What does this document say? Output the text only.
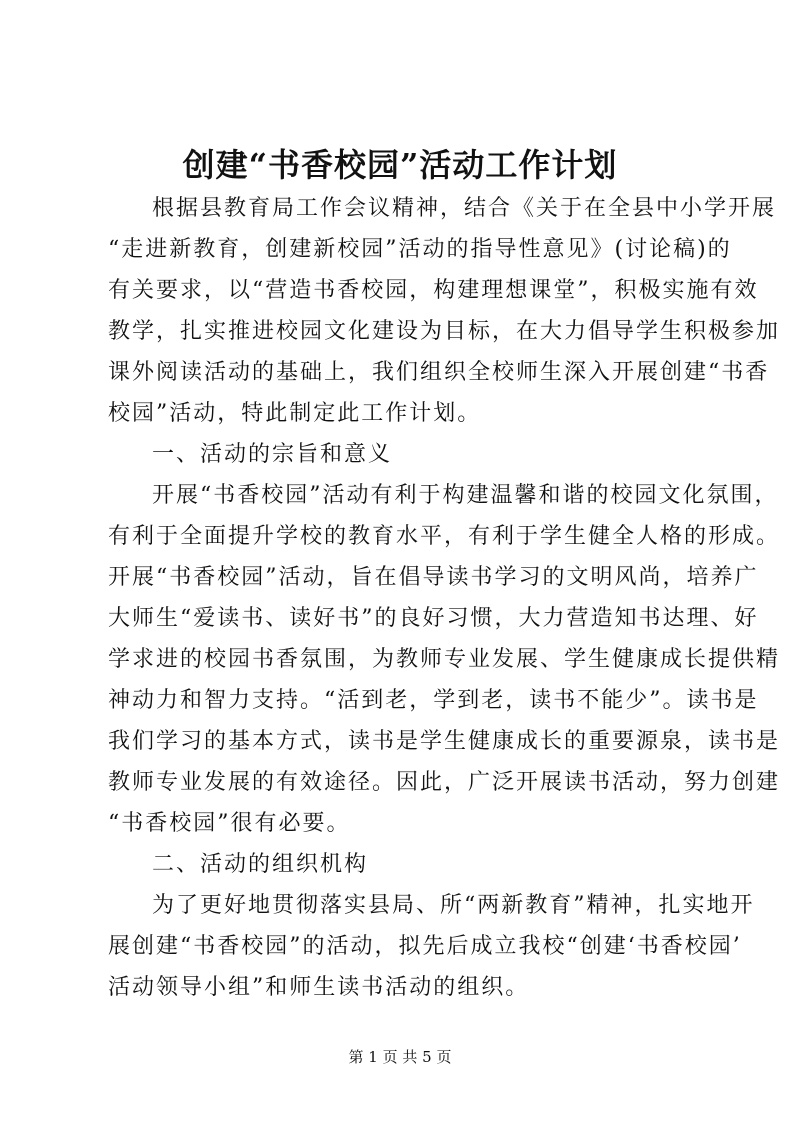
创建“书香校园”活动工作计划
根据县教育局工作会议精神，结合《关于在全县中小学开展
“走进新教育，创建新校园”活动的指导性意见》(讨论稿)的
有关要求，以“营造书香校园，构建理想课堂”，积极实施有效
教学，扎实推进校园文化建设为目标，在大力倡导学生积极参加
课外阅读活动的基础上，我们组织全校师生深入开展创建“书香
校园”活动，特此制定此工作计划。
一、活动的宗旨和意义
开展“书香校园”活动有利于构建温馨和谐的校园文化氛围，
有利于全面提升学校的教育水平，有利于学生健全人格的形成。
开展“书香校园”活动，旨在倡导读书学习的文明风尚，培养广
大师生“爱读书、读好书”的良好习惯，大力营造知书达理、好
学求进的校园书香氛围，为教师专业发展、学生健康成长提供精
神动力和智力支持。“活到老，学到老，读书不能少”。读书是
我们学习的基本方式，读书是学生健康成长的重要源泉，读书是
教师专业发展的有效途径。因此，广泛开展读书活动，努力创建
“书香校园”很有必要。
二、活动的组织机构
为了更好地贯彻落实县局、所“两新教育”精神，扎实地开
展创建“书香校园”的活动，拟先后成立我校“创建‘书香校园’
活动领导小组”和师生读书活动的组织。
第 1 页 共 5 页
